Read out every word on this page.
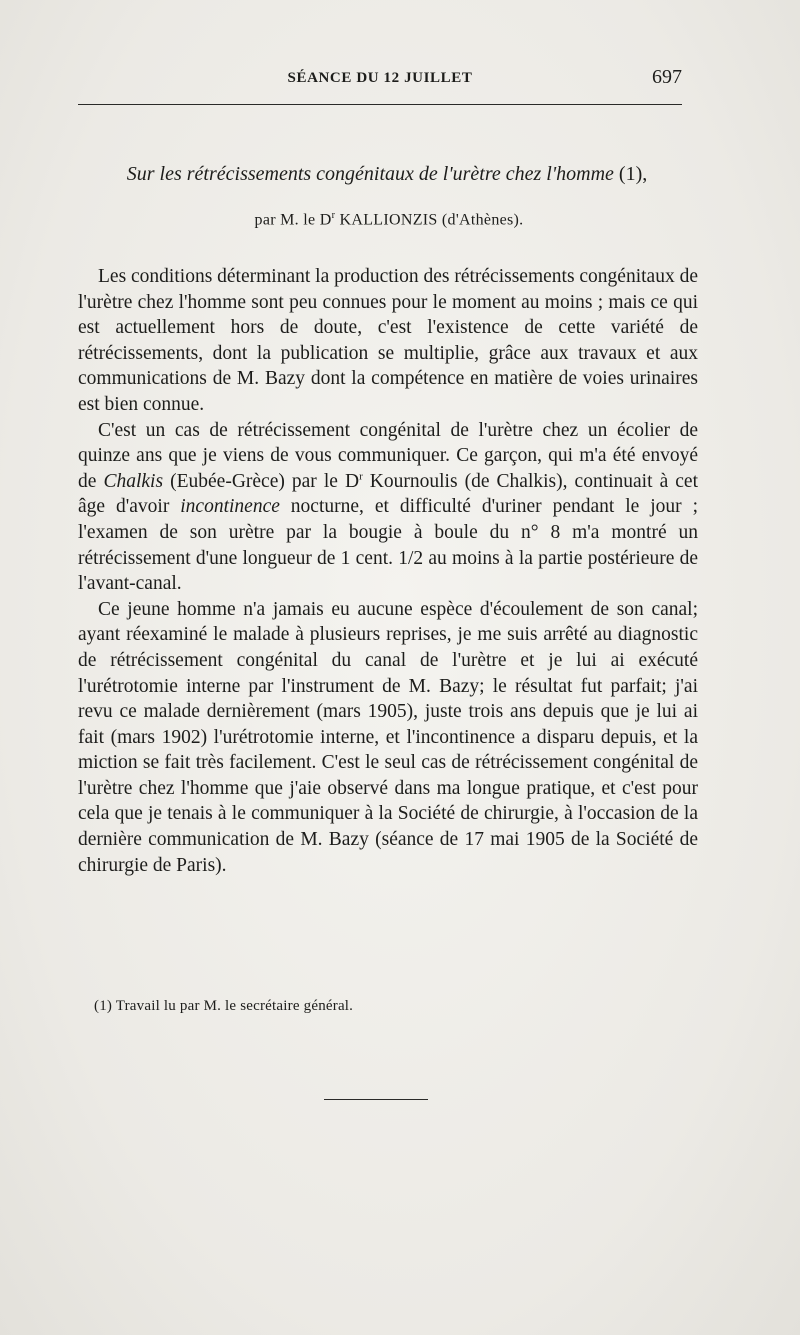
SÉANCE DU 12 JUILLET	697
Sur les rétrécissements congénitaux de l'urètre chez l'homme (1),
par M. le $D^r$ KALLIONZIS (d'Athènes).

Les conditions déterminant la production des rétrécissements congénitaux de l'urètre chez l'homme sont peu connues pour le moment au moins ; mais ce qui est actuellement hors de doute, c'est l'existence de cette variété de rétrécissements, dont la publication se multiplie, grâce aux travaux et aux communications de M. Bazy dont la compétence en matière de voies urinaires est bien connue.

C'est un cas de rétrécissement congénital de l'urètre chez un écolier de quinze ans que je viens de vous communiquer. Ce garçon, qui m'a été envoyé de Chalkis (Eubée-Grèce) par le $D^r$ Kournoulis (de Chalkis), continuait à cet âge d'avoir incontinence nocturne, et difficulté d'uriner pendant le jour ; l'examen de son urètre par la bougie à boule du n° 8 m'a montré un rétrécissement d'une longueur de 1 cent. 1/2 au moins à la partie postérieure de l'avant-canal.

Ce jeune homme n'a jamais eu aucune espèce d'écoulement de son canal; ayant réexaminé le malade à plusieurs reprises, je me suis arrêté au diagnostic de rétrécissement congénital du canal de l'urètre et je lui ai exécuté l'urétrotomie interne par l'instrument de M. Bazy; le résultat fut parfait; j'ai revu ce malade dernièrement (mars 1905), juste trois ans depuis que je lui ai fait (mars 1902) l'urétrotomie interne, et l'incontinence a disparu depuis, et la miction se fait très facilement. C'est le seul cas de rétrécissement congénital de l'urètre chez l'homme que j'aie observé dans ma longue pratique, et c'est pour cela que je tenais à le communiquer à la Société de chirurgie, à l'occasion de la dernière communication de M. Bazy (séance de 17 mai 1905 de la Société de chirurgie de Paris).

(1) Travail lu par M. le secrétaire général.
